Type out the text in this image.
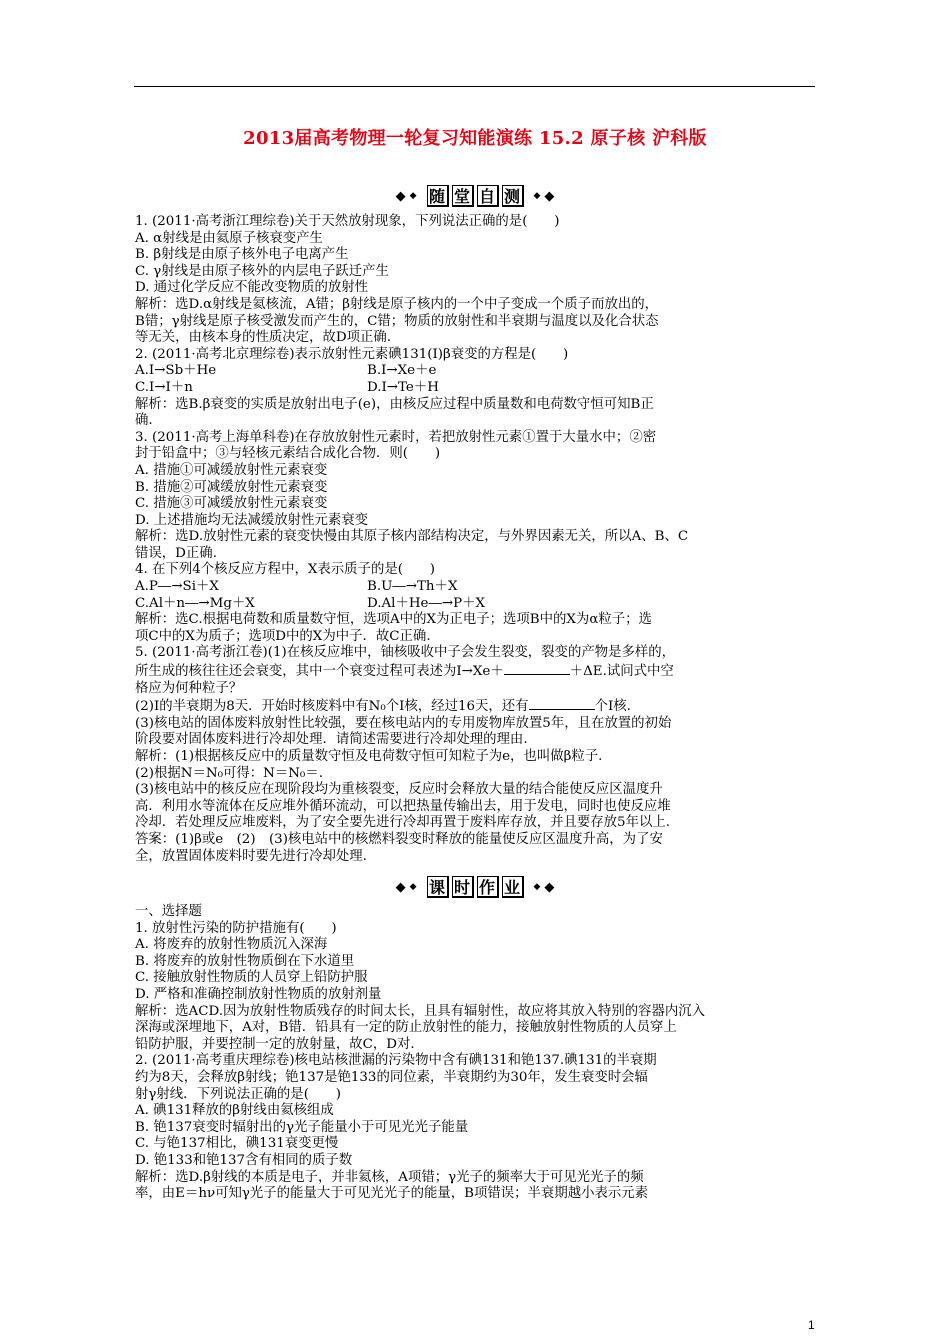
2013届高考物理一轮复习知能演练 15.2 原子核 沪科版
◆ ◆ 随 堂 自 测	◆ ◆

1. (2011·高考浙江理综卷)关于天然放射现象，下列说法正确的是(　　)

A. α射线是由氦原子核衰变产生

B. β射线是由原子核外电子电离产生

C. γ射线是由原子核外的内层电子跃迁产生

D. 通过化学反应不能改变物质的放射性

解析：选D.α射线是氦核流，A错；β射线是原子核内的一个中子变成一个质子而放出的，

B错；γ射线是原子核受激发而产生的，C错；物质的放射性和半衰期与温度以及化合状态

等无关，由核本身的性质决定，故D项正确.

2. (2011·高考北京理综卷)表示放射性元素碘131(I)β衰变的方程是(　　)

A.I→Sb＋He	B.I→Xe＋e
C.I→I＋n	D.I→Te＋H

解析：选B.β衰变的实质是放射出电子(e)，由核反应过程中质量数和电荷数守恒可知B正

确.

3. (2011·高考上海单科卷)在存放放射性元素时，若把放射性元素①置于大量水中；②密

封于铅盒中；③与轻核元素结合成化合物．则(　　)

A. 措施①可减缓放射性元素衰变

B. 措施②可减缓放射性元素衰变

C. 措施③可减缓放射性元素衰变

D. 上述措施均无法减缓放射性元素衰变

解析：选D.放射性元素的衰变快慢由其原子核内部结构决定，与外界因素无关，所以A、B、C

错误，D正确.

4. 在下列4个核反应方程中，X表示质子的是(　　)

A.P―→Si＋X	B.U―→Th＋X
C.Al＋n―→Mg＋X	D.Al＋He―→P＋X

解析：选C.根据电荷数和质量数守恒，选项A中的X为正电子；选项B中的X为α粒子；选

项C中的X为质子；选项D中的X为中子．故C正确.

5. (2011·高考浙江卷)(1)在核反应堆中，铀核吸收中子会发生裂变，裂变的产物是多样的，

所生成的核往往还会衰变，其中一个衰变过程可表述为I→Xe＋	＋ΔE.试问式中空

格应为何种粒子？

(2)I的半衰期为8天．开始时核废料中有N₀个I核，经过16天，还有	个I核.

(3)核电站的固体废料放射性比较强，要在核电站内的专用废物库放置5年，且在放置的初始

阶段要对固体废料进行冷却处理．请简述需要进行冷却处理的理由.

解析：(1)根据核反应中的质量数守恒及电荷数守恒可知粒子为e，也叫做β粒子.

(2)根据N＝N₀可得：N＝N₀＝.

(3)核电站中的核反应在现阶段均为重核裂变，反应时会释放大量的结合能使反应区温度升

高．利用水等流体在反应堆外循环流动，可以把热量传输出去，用于发电，同时也使反应堆

冷却．若处理反应堆废料，为了安全要先进行冷却再置于废料库存放，并且要存放5年以上.

答案：(1)β或e　(2)　(3)核电站中的核燃料裂变时释放的能量使反应区温度升高，为了安

全，放置固体废料时要先进行冷却处理.

◆ ◆ 课 时 作 业	◆ ◆

一、选择题

1. 放射性污染的防护措施有(　　)

A. 将废弃的放射性物质沉入深海

B. 将废弃的放射性物质倒在下水道里

C. 接触放射性物质的人员穿上铅防护服

D. 严格和准确控制放射性物质的放射剂量

解析：选ACD.因为放射性物质残存的时间太长，且具有辐射性，故应将其放入特别的容器内沉入

深海或深埋地下，A对，B错．铅具有一定的防止放射性的能力，接触放射性物质的人员穿上

铅防护服，并要控制一定的放射量，故C，D对.

2. (2011·高考重庆理综卷)核电站核泄漏的污染物中含有碘131和铯137.碘131的半衰期

约为8天，会释放β射线；铯137是铯133的同位素，半衰期约为30年，发生衰变时会辐

射γ射线．下列说法正确的是(　　)

A. 碘131释放的β射线由氦核组成

B. 铯137衰变时辐射出的γ光子能量小于可见光光子能量

C. 与铯137相比，碘131衰变更慢

D. 铯133和铯137含有相同的质子数

解析：选D.β射线的本质是电子，并非氦核，A项错；γ光子的频率大于可见光光子的频

率，由E＝hν可知γ光子的能量大于可见光光子的能量，B项错误；半衰期越小表示元素

1
